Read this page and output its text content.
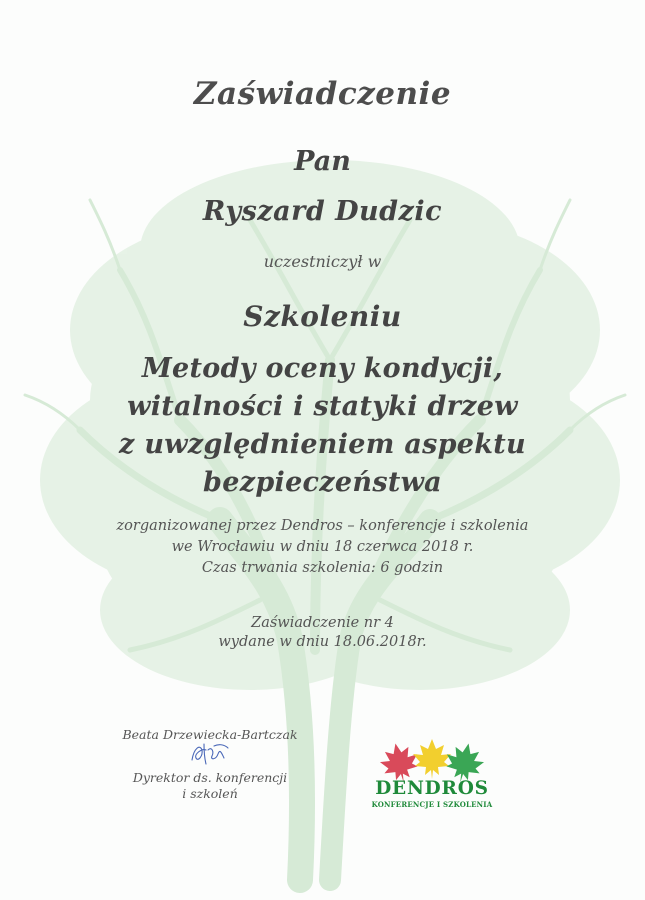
Zaświadczenie

Pan

Ryszard Dudzic

uczestniczył w

Szkoleniu

Metody oceny kondycji,
witalności i statyki drzew
z uwzględnieniem aspektu
bezpieczeństwa
zorganizowanej przez Dendros – konferencje i szkolenia
we Wrocławiu w dniu 18 czerwca 2018 r.
Czas trwania szkolenia: 6 godzin
Zaświadczenie nr 4
wydane w dniu 18.06.2018r.

Beata Drzewiecka-Bartczak

Dyrektor ds. konferencji
i szkoleń	DENDROS

KONFERENCJE I SZKOLENIA
